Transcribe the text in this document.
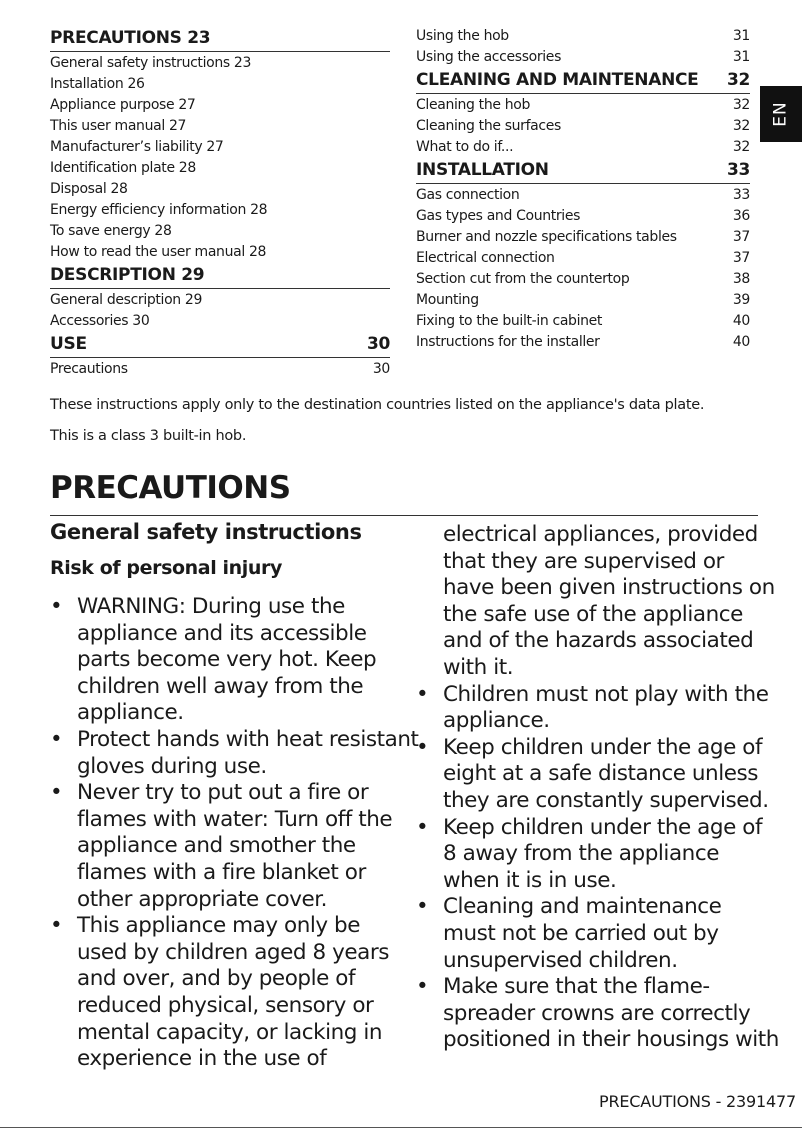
PRECAUTIONS 23
General safety instructions 23
Installation 26
Appliance purpose 27
This user manual 27
Manufacturer’s liability 27
Identification plate 28
Disposal 28
Energy efficiency information 28
To save energy 28
How to read the user manual 28
DESCRIPTION 29
General description 29
Accessories 30
USE	30
Precautions	30
Using the hob	31
Using the accessories	31
CLEANING AND MAINTENANCE 32
Cleaning the hob	32
Cleaning the surfaces	32
What to do if...	32
INSTALLATION	33
Gas connection	33
Gas types and Countries	36
Burner and nozzle specifications tables	37
Electrical connection	37
Section cut from the countertop	38
Mounting	39
Fixing to the built-in cabinet	40
Instructions for the installer	40
EN
These instructions apply only to the destination countries listed on the appliance's data plate.
This is a class 3 built-in hob.
PRECAUTIONS
General safety instructions
Risk of personal injury
• WARNING: During use the
appliance and its accessible
parts become very hot. Keep
children well away from the
appliance.
• Protect hands with heat resistant
gloves during use.
• Never try to put out a fire or
flames with water: Turn off the
appliance and smother the
flames with a fire blanket or
other appropriate cover.
• This appliance may only be
used by children aged 8 years
and over, and by people of
reduced physical, sensory or
mental capacity, or lacking in
experience in the use of
electrical appliances, provided
that they are supervised or
have been given instructions on
the safe use of the appliance
and of the hazards associated
with it.
• Children must not play with the
appliance.
• Keep children under the age of
eight at a safe distance unless
they are constantly supervised.
• Keep children under the age of
8 away from the appliance
when it is in use.
• Cleaning and maintenance
must not be carried out by
unsupervised children.
• Make sure that the flame-
spreader crowns are correctly
positioned in their housings with
PRECAUTIONS - 2391477
